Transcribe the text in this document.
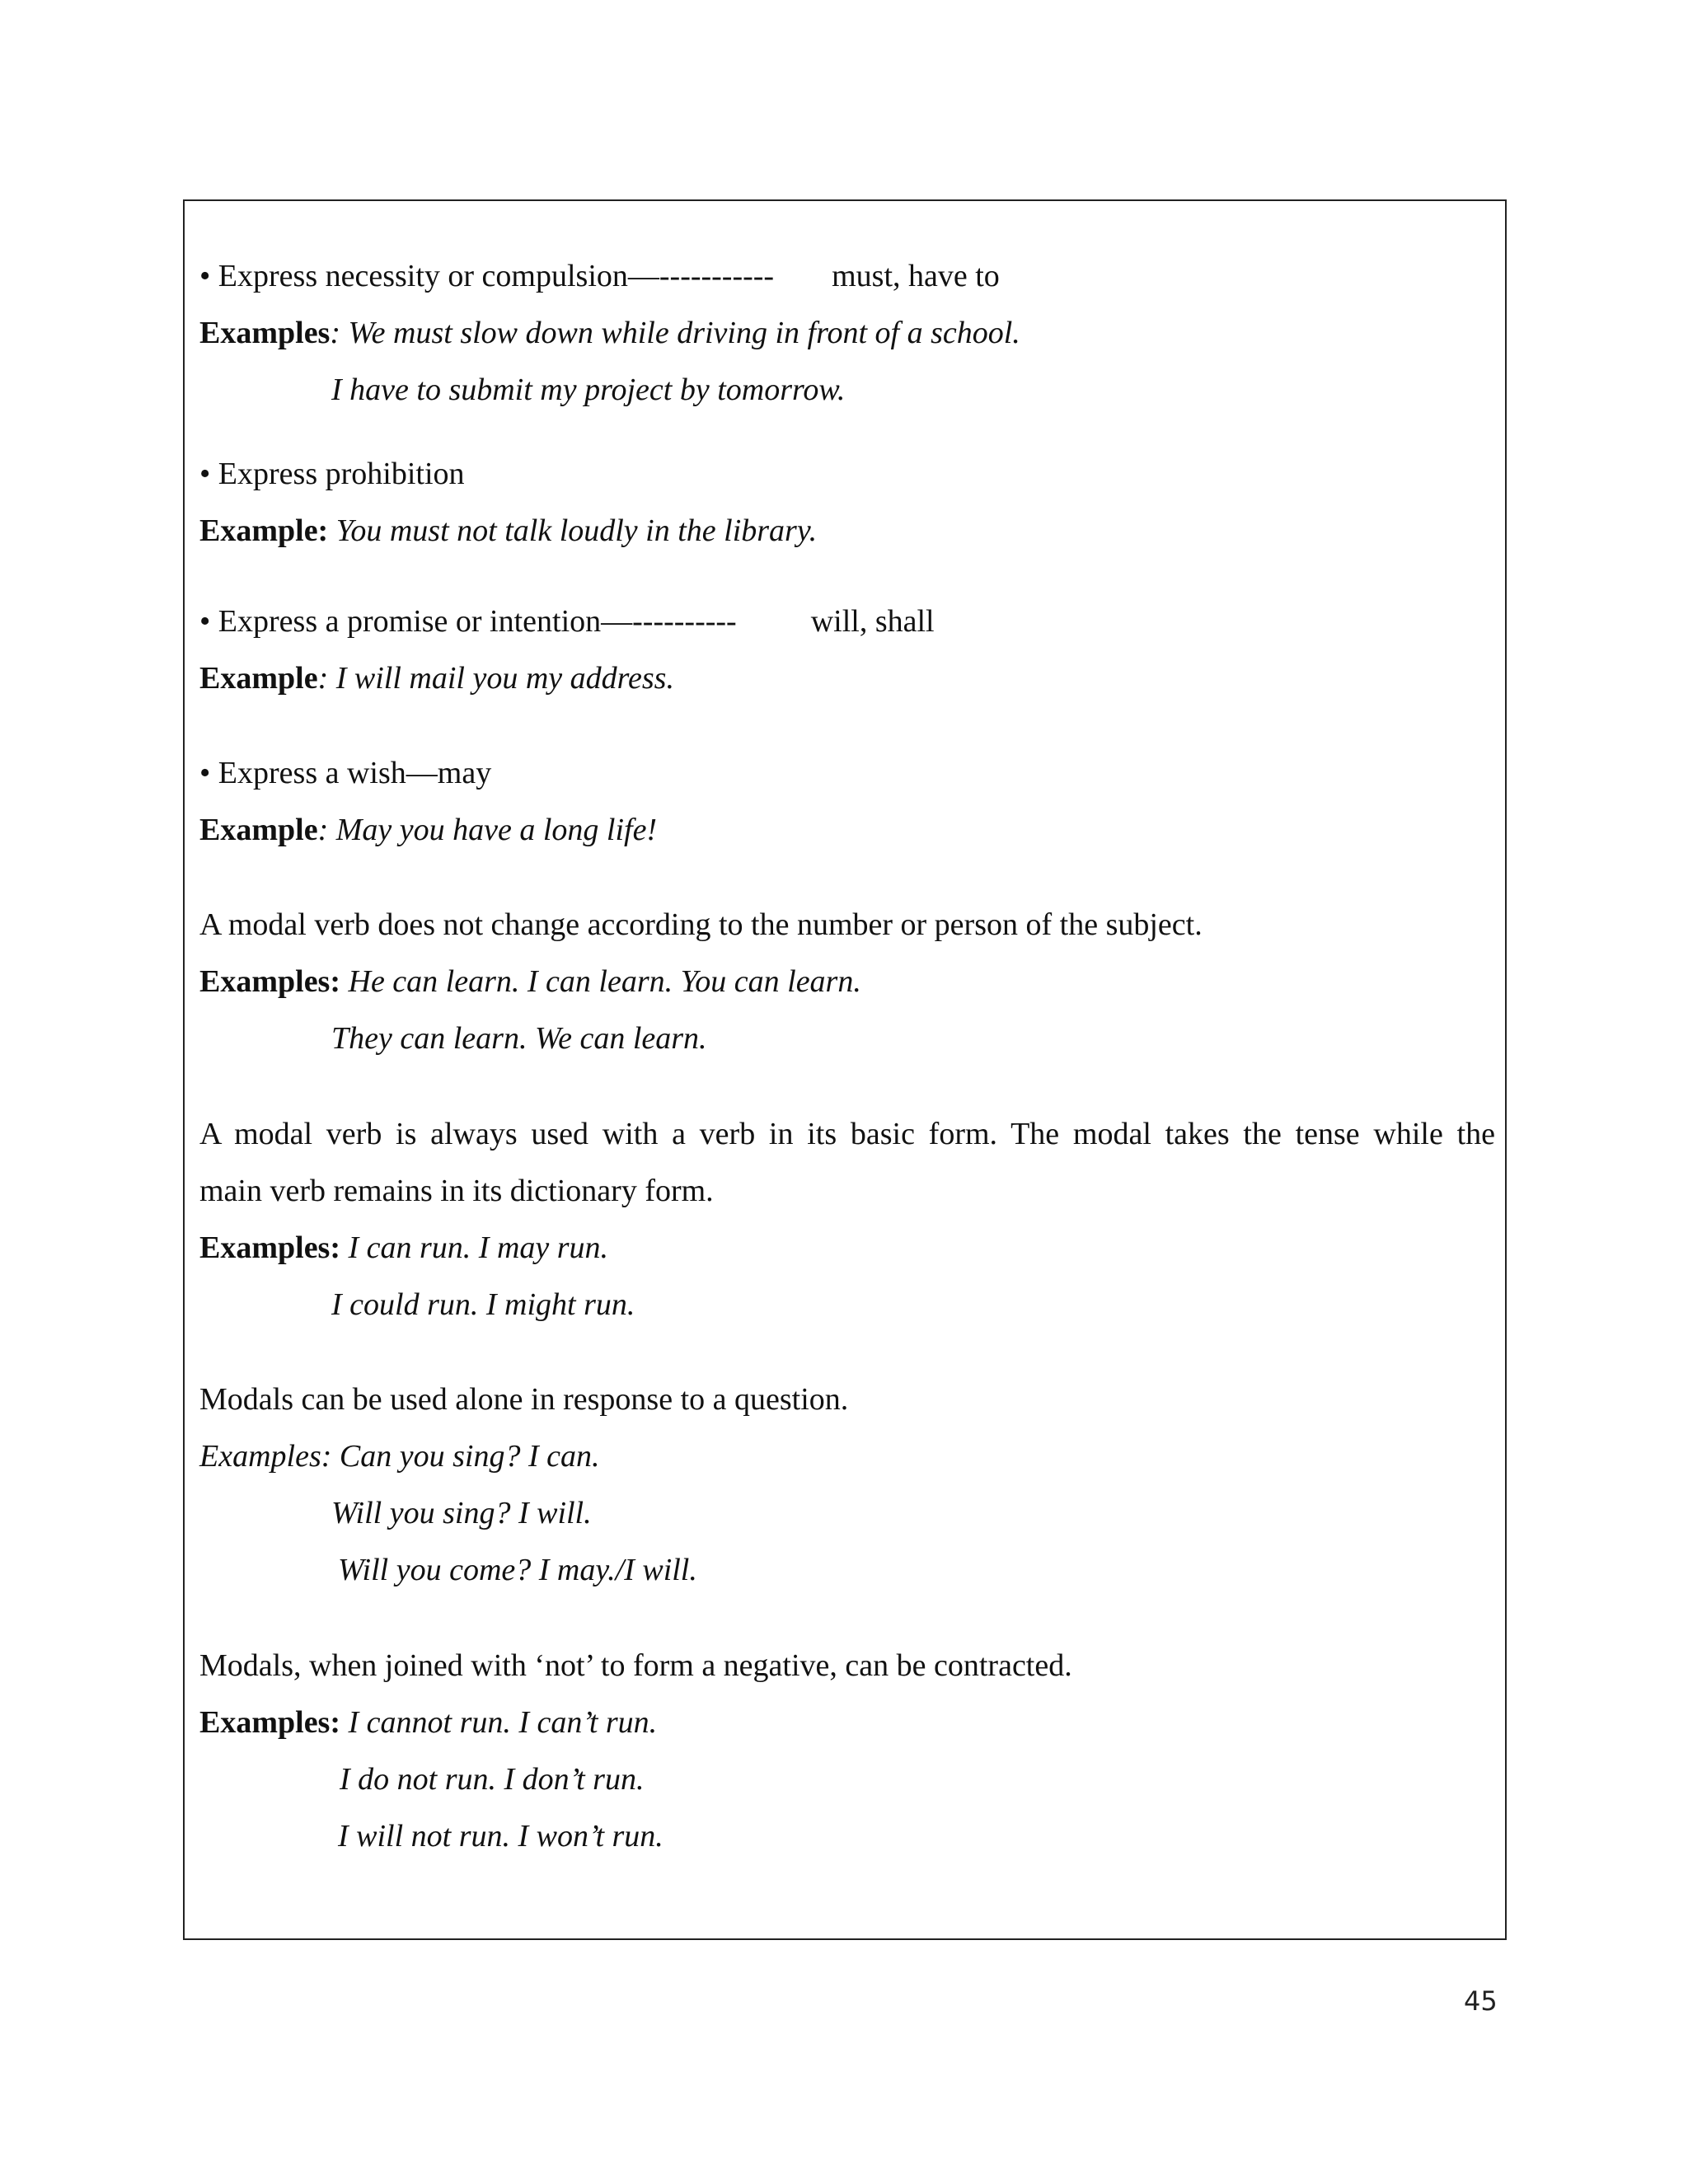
• Express necessity or compulsion—----------- must, have to
Examples: We must slow down while driving in front of a school.
I have to submit my project by tomorrow.
• Express prohibition
Example: You must not talk loudly in the library.
• Express a promise or intention—---------- will, shall
Example: I will mail you my address.
• Express a wish—may
Example: May you have a long life!
A modal verb does not change according to the number or person of the subject.
Examples: He can learn. I can learn. You can learn.
They can learn. We can learn.
A modal verb is always used with a verb in its basic form. The modal takes the tense while the
main verb remains in its dictionary form.
Examples: I can run. I may run.
I could run. I might run.
Modals can be used alone in response to a question.
Examples: Can you sing? I can.
Will you sing? I will.
Will you come? I may./I will.
Modals, when joined with ‘not’ to form a negative, can be contracted.
Examples: I cannot run. I can’t run.
I do not run. I don’t run.
I will not run. I won’t run.
45
